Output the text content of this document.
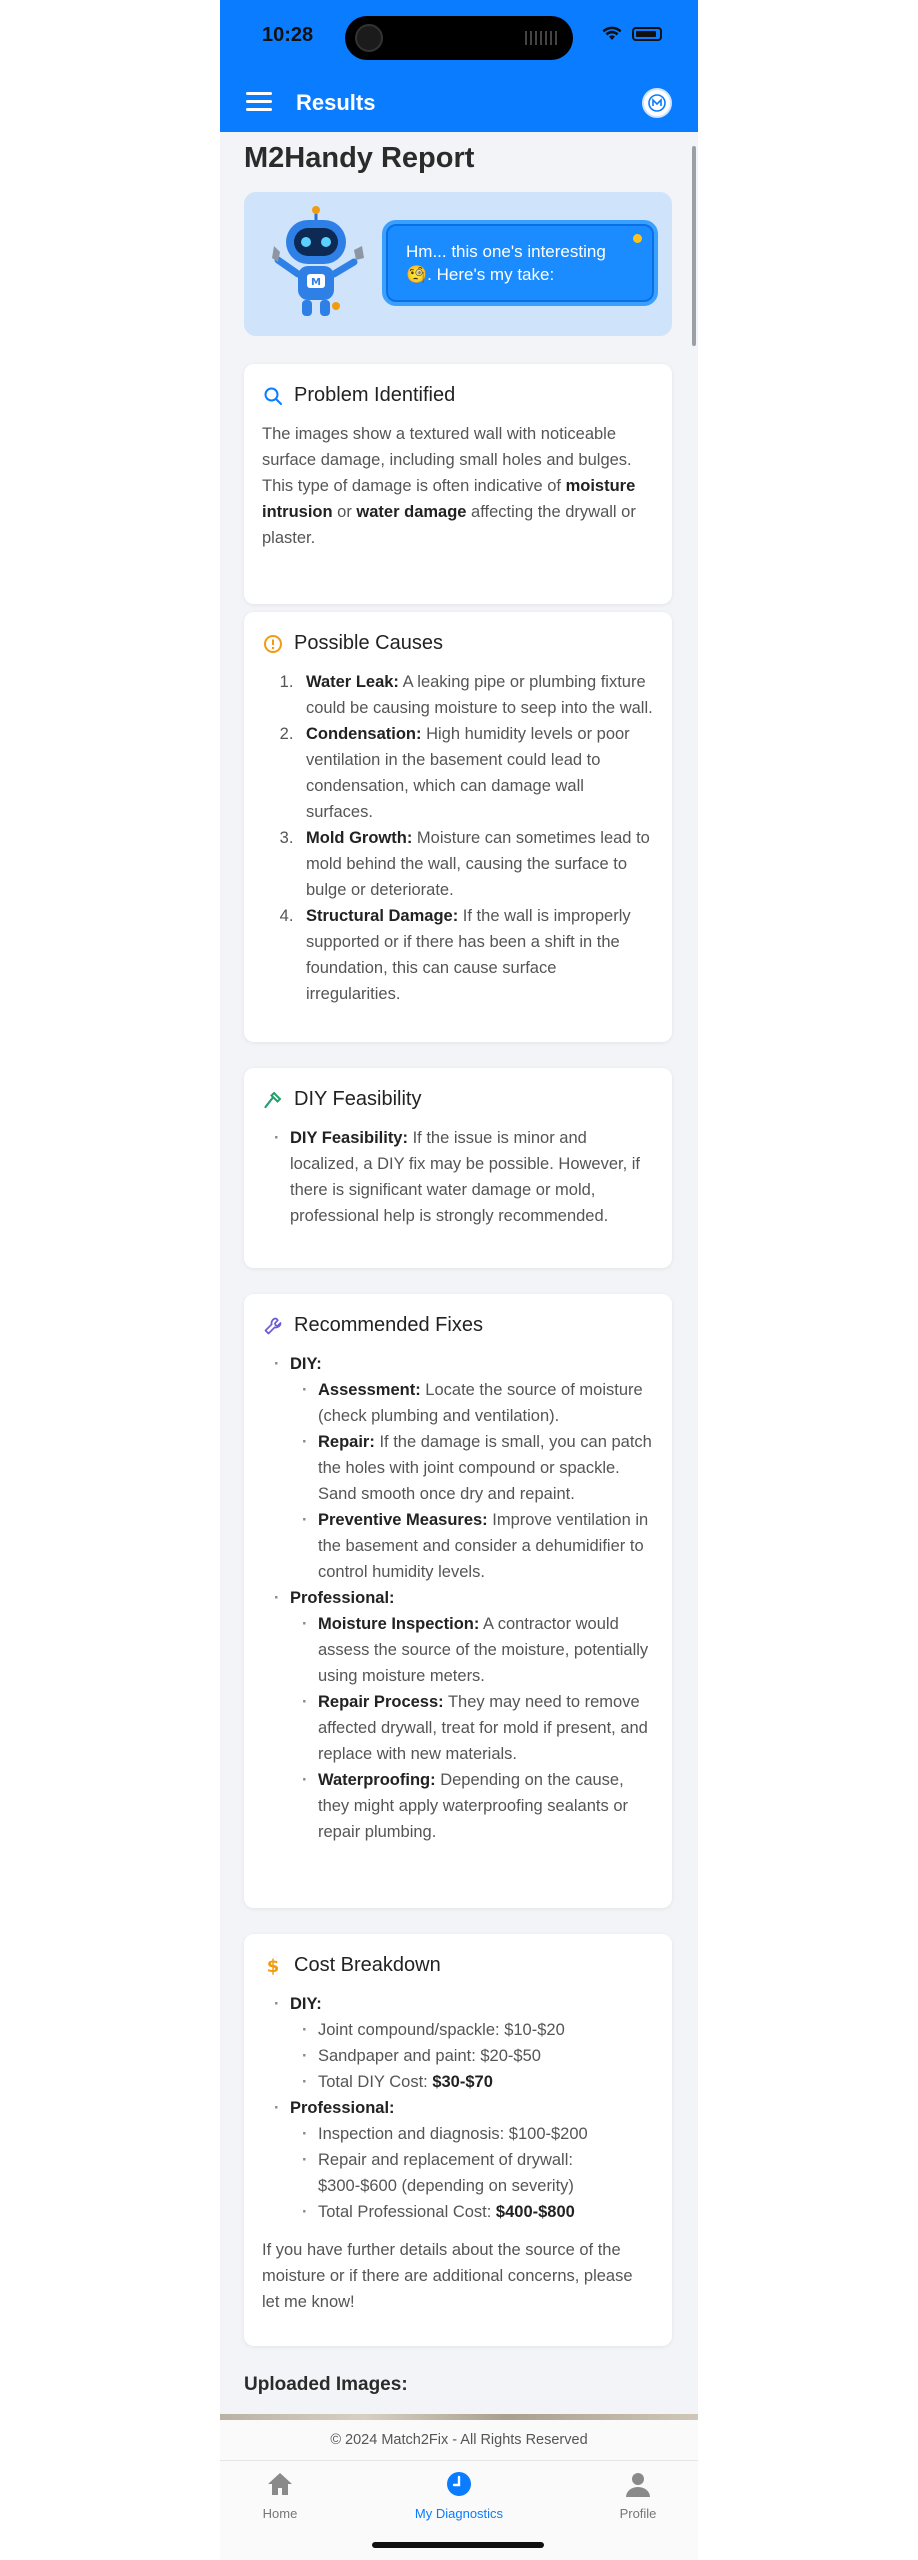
10:28
Results
M2Handy Report
M
Hm... this one's interesting 🧐. Here's my take:
Problem Identified

The images show a textured wall with noticeable surface damage, including small holes and bulges. This type of damage is often indicative of moisture intrusion or water damage affecting the drywall or plaster.

Possible Causes
1. Water Leak: A leaking pipe or plumbing fixture could be causing moisture to seep into the wall.
2. Condensation: High humidity levels or poor ventilation in the basement could lead to condensation, which can damage wall surfaces.
3. Mold Growth: Moisture can sometimes lead to mold behind the wall, causing the surface to bulge or deteriorate.
4. Structural Damage: If the wall is improperly supported or if there has been a shift in the foundation, this can cause surface irregularities.
DIY Feasibility
· DIY Feasibility: If the issue is minor and localized, a DIY fix may be possible. However, if there is significant water damage or mold, professional help is strongly recommended.
Recommended Fixes
· DIY:
· Assessment: Locate the source of moisture (check plumbing and ventilation).
· Repair: If the damage is small, you can patch the holes with joint compound or spackle. Sand smooth once dry and repaint.
· Preventive Measures: Improve ventilation in the basement and consider a dehumidifier to control humidity levels.
· Professional:
· Moisture Inspection: A contractor would assess the source of the moisture, potentially using moisture meters.
· Repair Process: They may need to remove affected drywall, treat for mold if present, and replace with new materials.
· Waterproofing: Depending on the cause, they might apply waterproofing sealants or repair plumbing.
$ Cost Breakdown
· DIY:
· Joint compound/spackle: $10-$20
· Sandpaper and paint: $20-$50
· Total DIY Cost: $30-$70
· Professional:
· Inspection and diagnosis: $100-$200
· Repair and replacement of drywall: $300-$600 (depending on severity)
· Total Professional Cost: $400-$800

If you have further details about the source of the moisture or if there are additional concerns, please let me know!

Uploaded Images:
© 2024 Match2Fix - All Rights Reserved
Home	My Diagnostics	Profile
